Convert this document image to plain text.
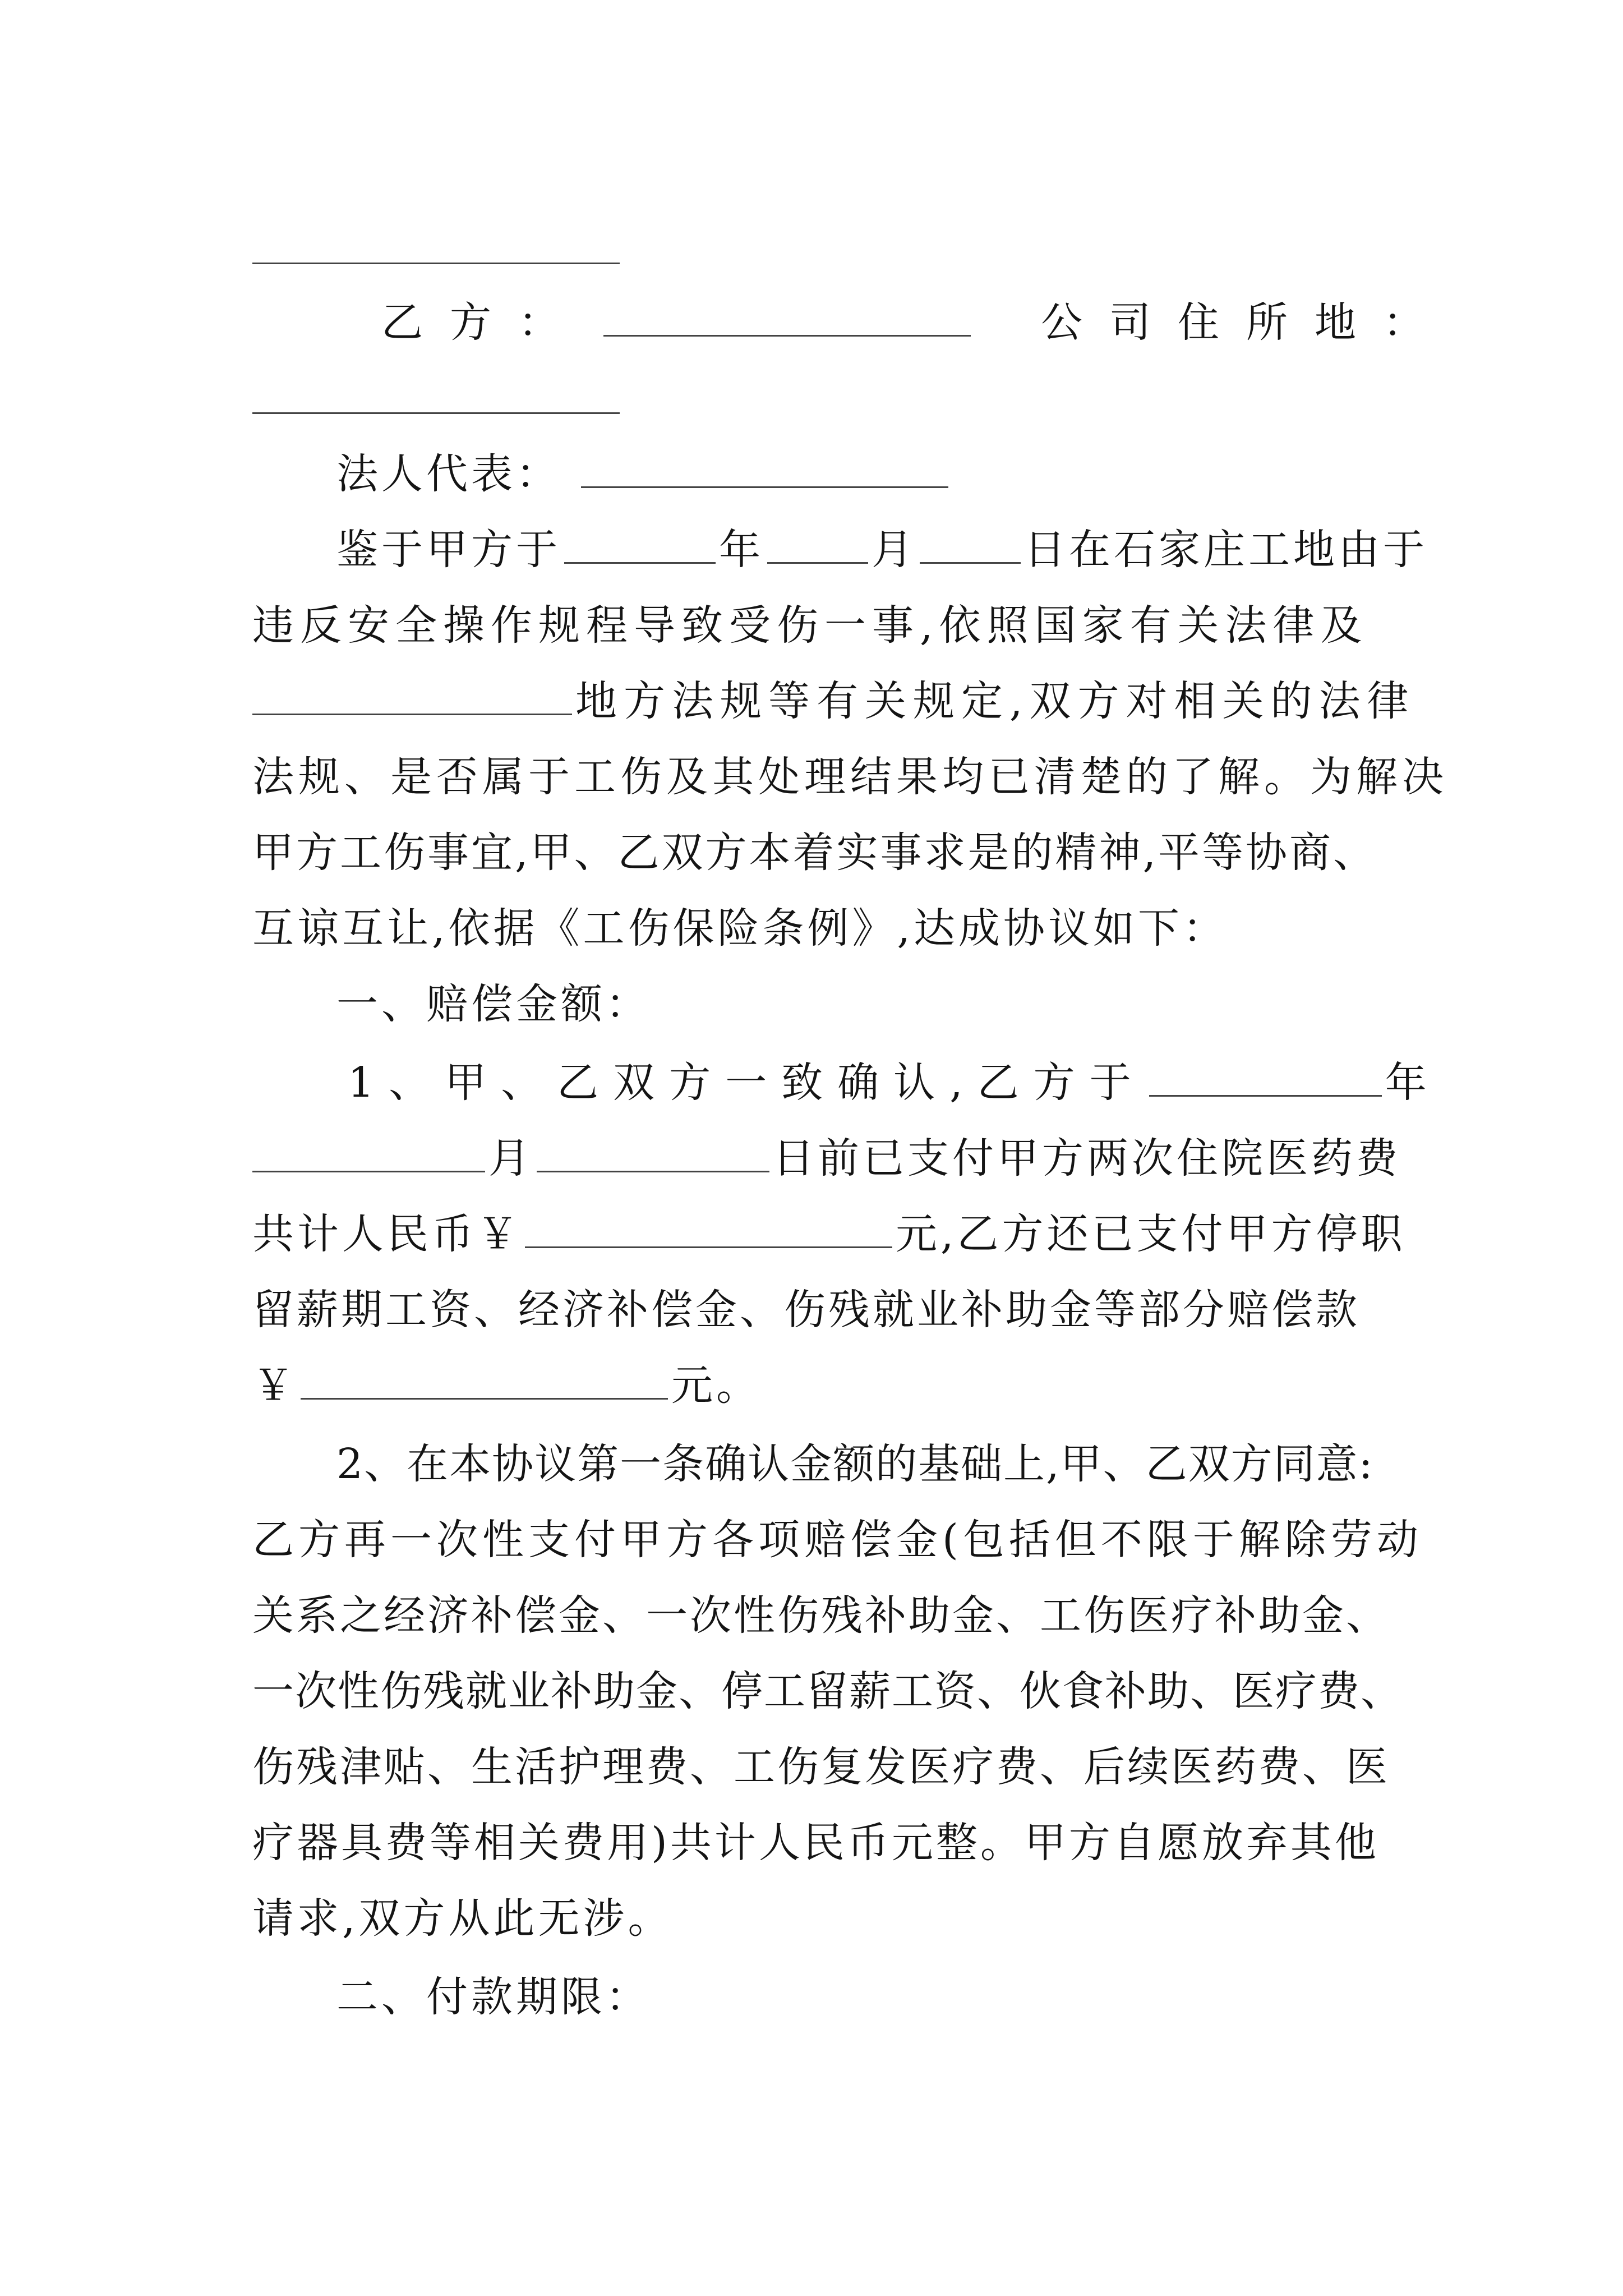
乙方：	公司住所地：
法人代表：
鉴于甲方于	年	月	日在石家庄工地由于
违反安全操作规程导致受伤一事,依照国家有关法律及
地方法规等有关规定,双方对相关的法律
法规、是否属于工伤及其处理结果均已清楚的了解。为解决
甲方工伤事宜,甲、乙双方本着实事求是的精神,平等协商、
互谅互让,依据《工伤保险条例》,达成协议如下：
一、赔偿金额：
1、甲、乙双方一致确认,乙方于	年
月	日前已支付甲方两次住院医药费
共计人民币￥	元,乙方还已支付甲方停职
留薪期工资、经济补偿金、伤残就业补助金等部分赔偿款
￥	元。
2、在本协议第一条确认金额的基础上,甲、乙双方同意:
乙方再一次性支付甲方各项赔偿金(包括但不限于解除劳动
关系之经济补偿金、一次性伤残补助金、工伤医疗补助金、
一次性伤残就业补助金、停工留薪工资、伙食补助、医疗费、
伤残津贴、生活护理费、工伤复发医疗费、后续医药费、医
疗器具费等相关费用)共计人民币元整。甲方自愿放弃其他
请求,双方从此无涉。
二、付款期限：
